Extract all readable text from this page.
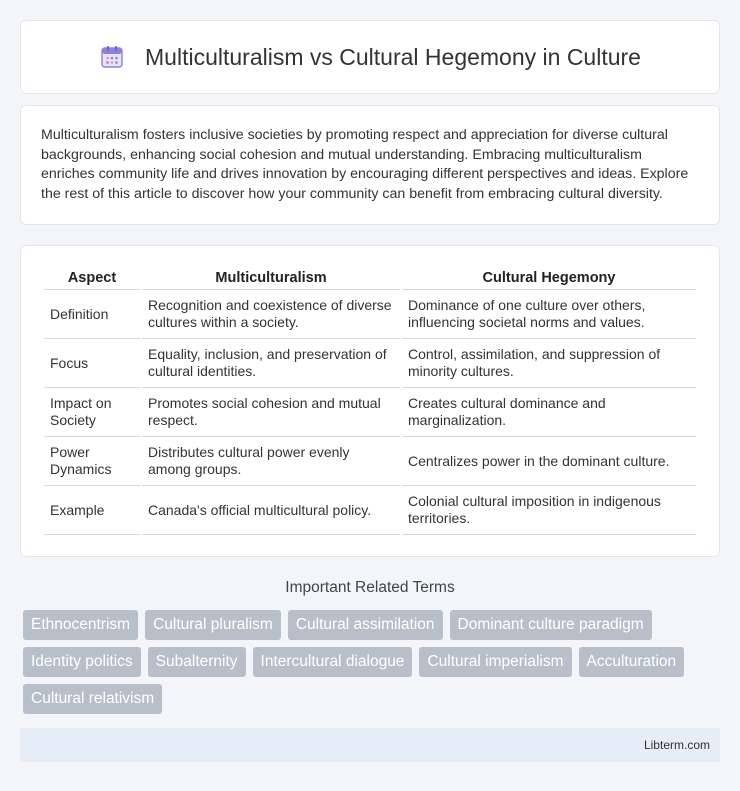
Multiculturalism vs Cultural Hegemony in Culture

Multiculturalism fosters inclusive societies by promoting respect and appreciation for diverse cultural backgrounds, enhancing social cohesion and mutual understanding. Embracing multiculturalism enriches community life and drives innovation by encouraging different perspectives and ideas. Explore the rest of this article to discover how your community can benefit from embracing cultural diversity.

Aspect	Multiculturalism	Cultural Hegemony
Definition	Recognition and coexistence of diverse cultures within a society.	Dominance of one culture over others, influencing societal norms and values.
Focus	Equality, inclusion, and preservation of cultural identities.	Control, assimilation, and suppression of minority cultures.
Impact on Society	Promotes social cohesion and mutual respect.	Creates cultural dominance and marginalization.
Power Dynamics	Distributes cultural power evenly among groups.	Centralizes power in the dominant culture.
Example	Canada's official multicultural policy.	Colonial cultural imposition in indigenous territories.
Important Related Terms
Ethnocentrism	Cultural pluralism	Cultural assimilation	Dominant culture paradigm
Identity politics	Subalternity	Intercultural dialogue	Cultural imperialism	Acculturation
Cultural relativism
Libterm.com
